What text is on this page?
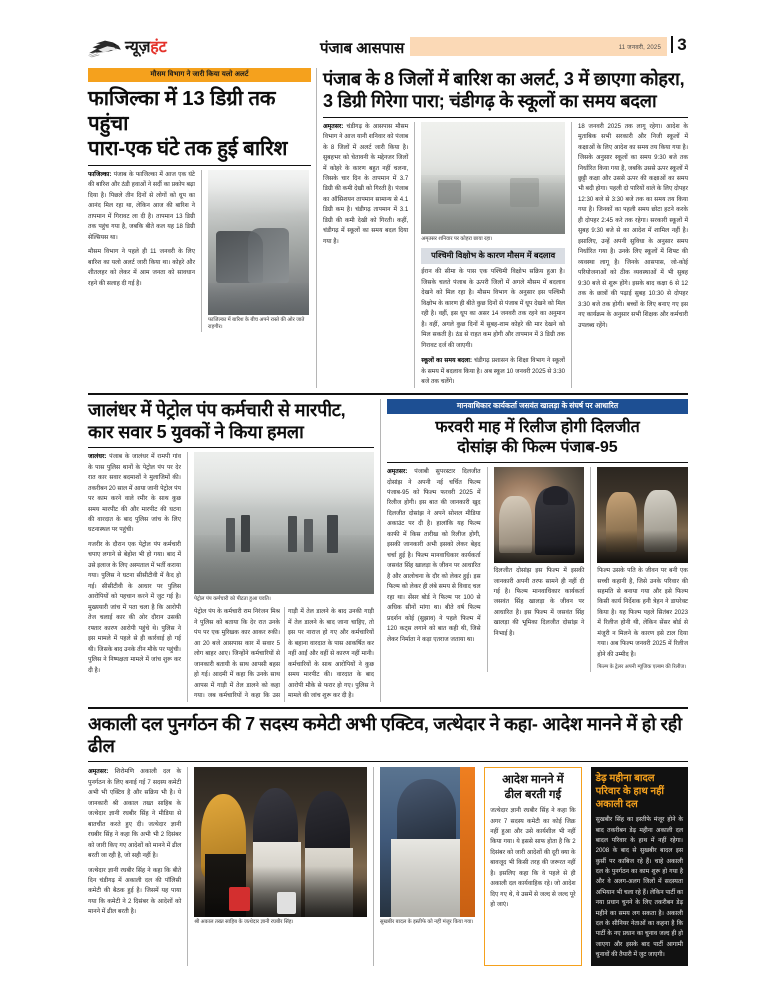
न्यूज़हंट	पंजाब आसपास	11 जनवरी, 2025 3
मौसम विभाग ने जारी किया यलो अलर्ट
फाजिल्का में 13 डिग्री तक पहुंचा
पारा-एक घंटे तक हुई बारिश

फाजिल्का: पंजाब के फाजिल्का में आज एक घंटे की बारिश और ठंडी हवाओं ने सर्दी का प्रकोप बढ़ा दिया है। पिछले तीन दिनों से लोगों को धूप का आनंद मिल रहा था, लेकिन आज की बारिश ने तापमान में गिरावट ला दी है। तापमान 13 डिग्री तक पहुंच गया है, जबकि बीते कल यह 18 डिग्री सेल्सियस था।

मौसम विभाग ने पहले ही 11 जनवरी के लिए बारिश का यलो अलर्ट जारी किया था। कोहरे और शीतलहर को लेकर में आम जनता को सावधान रहने की सलाह दी गई है।

फाजिल्का में बारिश के बीच अपने रास्ते की ओर जाते राहगीर।
पंजाब के 8 जिलों में बारिश का अलर्ट, 3 में छाएगा कोहरा,
3 डिग्री गिरेगा पारा; चंडीगढ़ के स्कूलों का समय बदला

अमृतसर: चंडीगढ़ के आसपास मौसम विभाग ने आज यानी शनिवार को पंजाब के 8 जिलों में अलर्ट जारी किया है। सुबहभर को चेतावनी के मद्देनजर जिलों में कोहरे के कारण बहुत नहीं चलना, जिसके चार दिन के तापमान में 3.7 डिग्री की कमी देखी को गिरती है। पंजाब का ऑसिशयन तापमान सामान्य से 4.1 डिग्री कम है। चंडीगढ़ तापमान में 3.1 डिग्री की कमी देखी को गिरती। कहीं, चंडीगढ़ में स्कूलों का समय बदल दिया गया है।	अमृतसर शनिवार पर कोहरा छाया रहा।
पश्चिमी विक्षोभ के कारण मौसम में बदलाव

ईरान की सीमा के पास एक पश्चिमी विक्षोभ सक्रिय हुआ है। जिसके चलते पंजाब के ऊपरी जिलों में अगले मौसम में बदलाव देखने को मिल रहा है। मौसम विभाग के अनुसार इस पश्चिमी विक्षोभ के कारण ही बीते कुछ दिनों से पंजाब में धूप देखने को मिल रही है। वहीं, इस धूप का असर 14 जनवरी तक रहने का अनुमान है। वहीं, अगले कुछ दिनों में सुबह-शाम कोहरे की मार देखने को मिल सकती है। ठंड से राहत कम होगी और तापमान में 3 डिग्री तक गिरावट दर्ज की जाएगी।

स्कूलों का समय बदला: चंडीगढ़ प्रशासन के शिक्षा विभाग ने स्कूलों के समय में बदलाव किया है। अब स्कूल 10 जनवरी 2025 से 3:30 बजे तक चलेंगे।

18 जनवरी 2025 तक लागू रहेगा। आदेश के मुताबिक सभी सरकारी और निजी स्कूलों में कक्षाओं के लिए आदेश का समय तय किया गया है। जिसके अनुसार स्कूलों का समय 9:30 बजे तक निर्धारित किया गया है, जबकि उससे ऊपर स्कूलों में छुट्टी कक्षा और उससे ऊपर की कक्षाओं का समय भी बदी होगा। पहली दो पारियों वाले के लिए दोपहर 12:30 बजे से 3:30 बजे तक का समय तय किया गया है। जिनकों का पहली समय छोटा हटने करके ही दोपहर 2:45 करे तक रहेगा। सरकारी स्कूलों में सुबह 9:30 बजे से का आदेश में शामिल नहीं है। इसालिए, उन्हें अपनी सुविधा के अनुसार समय निर्धारित गया है। उनके लिए स्कूलों में शिफ्ट की व्यवस्था लागू है। जिनके आसपास, जो-कोई परियोजनाओं को ठीक व्यवस्थाओं में भी सुबह 9:30 बजे से शुरू होंगे। इसके बाद कक्षा 6 से 12 तक के छात्रों की पढ़ाई सुबह 10:30 से दोपहर 3:30 बजे तक होगी। बच्चों के लिए बनाए गए इस नए कार्यक्रम के अनुसार सभी शिक्षक और कर्मचारी उपलब्ध रहेंगे।

जालंधर में पेट्रोल पंप कर्मचारी से मारपीट,
कार सवार 5 युवकों ने किया हमला

जालंधर: पंजाब के जालंधर में रामपी गांव के पास पुलिस थानों के पेट्रोल पंप पर देर रात कार सवार बदमाशों ने मुलाजिमों की। तकरीबन 20 साल में आया जानी पेट्रोल पंप पर काम करने वाले रमीर के साथ कुछ समय मारपीट की और मारपीट की घटना की वारदात के बाद पुलिस जांच के लिए घटनास्थल पर पहुंची।

गजरीर के दौरान एक पेट्रोल पंप कर्मचारी चपाए लगाने से बेहोश भी हो गया। बाद में उसे इलाज के लिए अस्पताल में भर्ती कराया गया। पुलिस ने घटना सीसीटीवी में कैद हो गई। सीसीटीवी के आधार पर पुलिस आरोपियों को पहचान करने में जुट गई है। मुख्ययारी जांच में पता चला है कि आरोपी तेज चलाई कार की ओर दौरान उसकी रफ्तार कारण आरोपी पहुंचे थे। पुलिस ने इस मामले में पहले से ही कार्रवाई हो गई थी। जिसके बाद उनके तीन मौके पर पहुंची। पुलिस ने निष्पक्षता मामले में जांच शुरू कर दी है।

पेट्रोल पंप कर्मचारी को पीटता हुआ यवति।

पेट्रोल पंप के कर्मचारी राम निरंजन मिश्र ने पुलिस को बताया कि देर रात उनके पंप पर एक मुरिखक कार आकर रुकी। आ 20 बजे आसपास कार में सवार 5 लोग बाहर आए। जिन्होंने कर्मचारियों से जानकारी बतायी के साथ आपसी बहस हो गई। आदमी में कहा कि उनके साथ आपस में गाड़ी में तेल डालने को कहा गया। जब कर्मचारियों ने कहा कि उस गाड़ी में तेल डालने के बाद उनकी गाड़ी में तेल डालने के बाद जाना चाहिए, तो इस पर नाराज हो गए और कर्मचारियों के बहाना वारदात के पास आकर्षित कर नहीं आईं और वहीं से कारण नहीं मानी। कर्मचारियों के साथ आरोपियों ने कुछ समय मारपीट की। वारदात के बाद आरोपी मौके से फरार हो गए। पुलिस ने मामले की जांच शुरू कर दी है।

मानवाधिकार कार्यकर्ता जसवंत खालड़ा के संघर्ष पर आधारित
फरवरी माह में रिलीज होगी दिलजीत
दोसांझ की फिल्म पंजाब-95

अमृतसर: पंजाबी सुपरस्टार दिलजीत दोसांझ ने अपनी नई चर्चित फिल्म पंजाब-95 को फिल्म फरवरी 2025 में रिलीज होगी। इस बात की जानकारी खुद दिलजीत दोसांझ ने अपने सोशल मीडिया अकाउंट पर दी है। हालांकि यह फिल्म काफी में किस तारीख को रिलीज होगी, इसकी जानकारी अभी इसको लेकर बेहद चर्चा हुई है। फिल्म मानवाधिकार कार्यकर्ता जसवंत सिंह खालड़ा के जीवन पर आधारित है और आलोचना के दौर को लेकर हुई। इस फिल्म को लेकर ही लंबे समय से विवाद चल रहा था। सेंसर बोर्ड ने फिल्म पर 100 से अधिक सीनों मांगा था। बीते वर्ष फिल्म प्रदर्शन कोई (सुझाव) ने पहले फिल्म में 120 कट्स लगाने को बात कही थी, जिसे लेकर निर्माता ने कड़ा एतराज जताया था।

दिलजीत दोसांझ इस फिल्म में इसकी जानकारी अपनी तरफ सामने ही नहीं दी गई है। फिल्म मानवाधिकार कार्यकर्ता जसवंत सिंह खालड़ा के जीवन पर आधारित है। इस फिल्म में जसवंत सिंह खालड़ा की भूमिका दिलजीत दोसांझ ने निभाई है।

फिल्म उसके पति के जीवन पर बनी एक सच्ची कहानी है, जिसे उनके परिवार की सहमति से बनाया गया और इसे फिल्म किसी कार्य निर्देशक हनी त्रेहन ने डायरेक्ट किया है। यह फिल्म पहले सितंबर 2023 में रिलीज होनी थी, लेकिन सेंसर बोर्ड से मंजूरी न मिलने के कारण इसे टाल दिया गया। अब फिल्म जनवरी 2025 में रिलीज होने की उम्मीद है।

फिल्म के ट्रेलर अपनी म्यूजिक एल्बम की रिलीज।
अकाली दल पुनर्गठन की 7 सदस्य कमेटी अभी एक्टिव, जत्थेदार ने कहा- आदेश मानने में हो रही ढील

अमृतसर: शिरोमणि अकाली दल के पुनर्गठन के लिए बनाई गई 7 सदस्य कमेटी अभी भी एक्टिव है और सक्रिय भी है। ये जानकारी श्री अकाल तख्त साहिब के जत्थेदार ज्ञानी रघबीर सिंह ने मीडिया से बातचीत करते हुए दी। जत्थेदार ज्ञानी रघबीर सिंह ने कहा कि अभी भी 2 दिसंबर को जारी किए गए आदेशों को मानने में ढील बरती जा रही है, जो सही नहीं है।

जत्थेदार ज्ञानी रघबीर सिंह ने कहा कि बीते दिन चंडीगढ़ में अकाली दल की पॉलिसी कमेटी की बैठक हुई है। जिसमें यह पाया गया कि कमेटी ने 2 दिसंबर के आदेशों को मानने में ढील बरती है।

श्री अकाल तख्त साहिब के जत्थेदार ज्ञानी रघबीर सिंह।	सुखबीर बादल के इस्तीफे को नहीं मंजूर किया गया।
आदेश मानने में
ढील बरती गई

जत्थेदार ज्ञानी रघबीर सिंह ने कहा कि अगर 7 सदस्य कमेटी का कोई जिक्र नहीं हुआ और उसे कार्यशील भी नहीं किया गया। ये इससे साफ होता है कि 2 दिसंबर को जारी आदेशों की दूरी क्या के बावजूद भी किसी तरह की जरूरत नहीं है। इसलिए कहा कि वे पहले से ही अकाली दल कार्यवाहिक रहे। जो आदेश दिए गए थे, ये उसमें से जल्द से जल्द पूरे हो जाएं।

डेढ़ महीना बादल
परिवार के हाथ नहीं
अकाली दल

सुखबीर सिंह का इस्तीफे मंजूर होने के बाद तकरीबन डेढ़ महीना अकाली दल बादल परिवार के हाथ में नहीं रहेगा। 2008 के बाद से सुखबीर बादल इस कुर्सी पर काबिज रहे हैं। चाहे अकाली दल के पुनर्गठन का काम शुरू हो गया है और वे अलग-अलग जिलों में सदस्यता अभियान भी चला रहे हैं। लेकिन पार्टी का नया प्रधान चुनने के लिए तकरीबन डेढ़ महीने का समय लग सकता है। अकाली दल के सीनियर नेताओं का कहना है कि पार्टी के नए प्रधान का चुनाव जल्द ही हो जाएगा और इसके बाद पार्टी आगामी चुनावों की तैयारी में जुट जाएगी।
